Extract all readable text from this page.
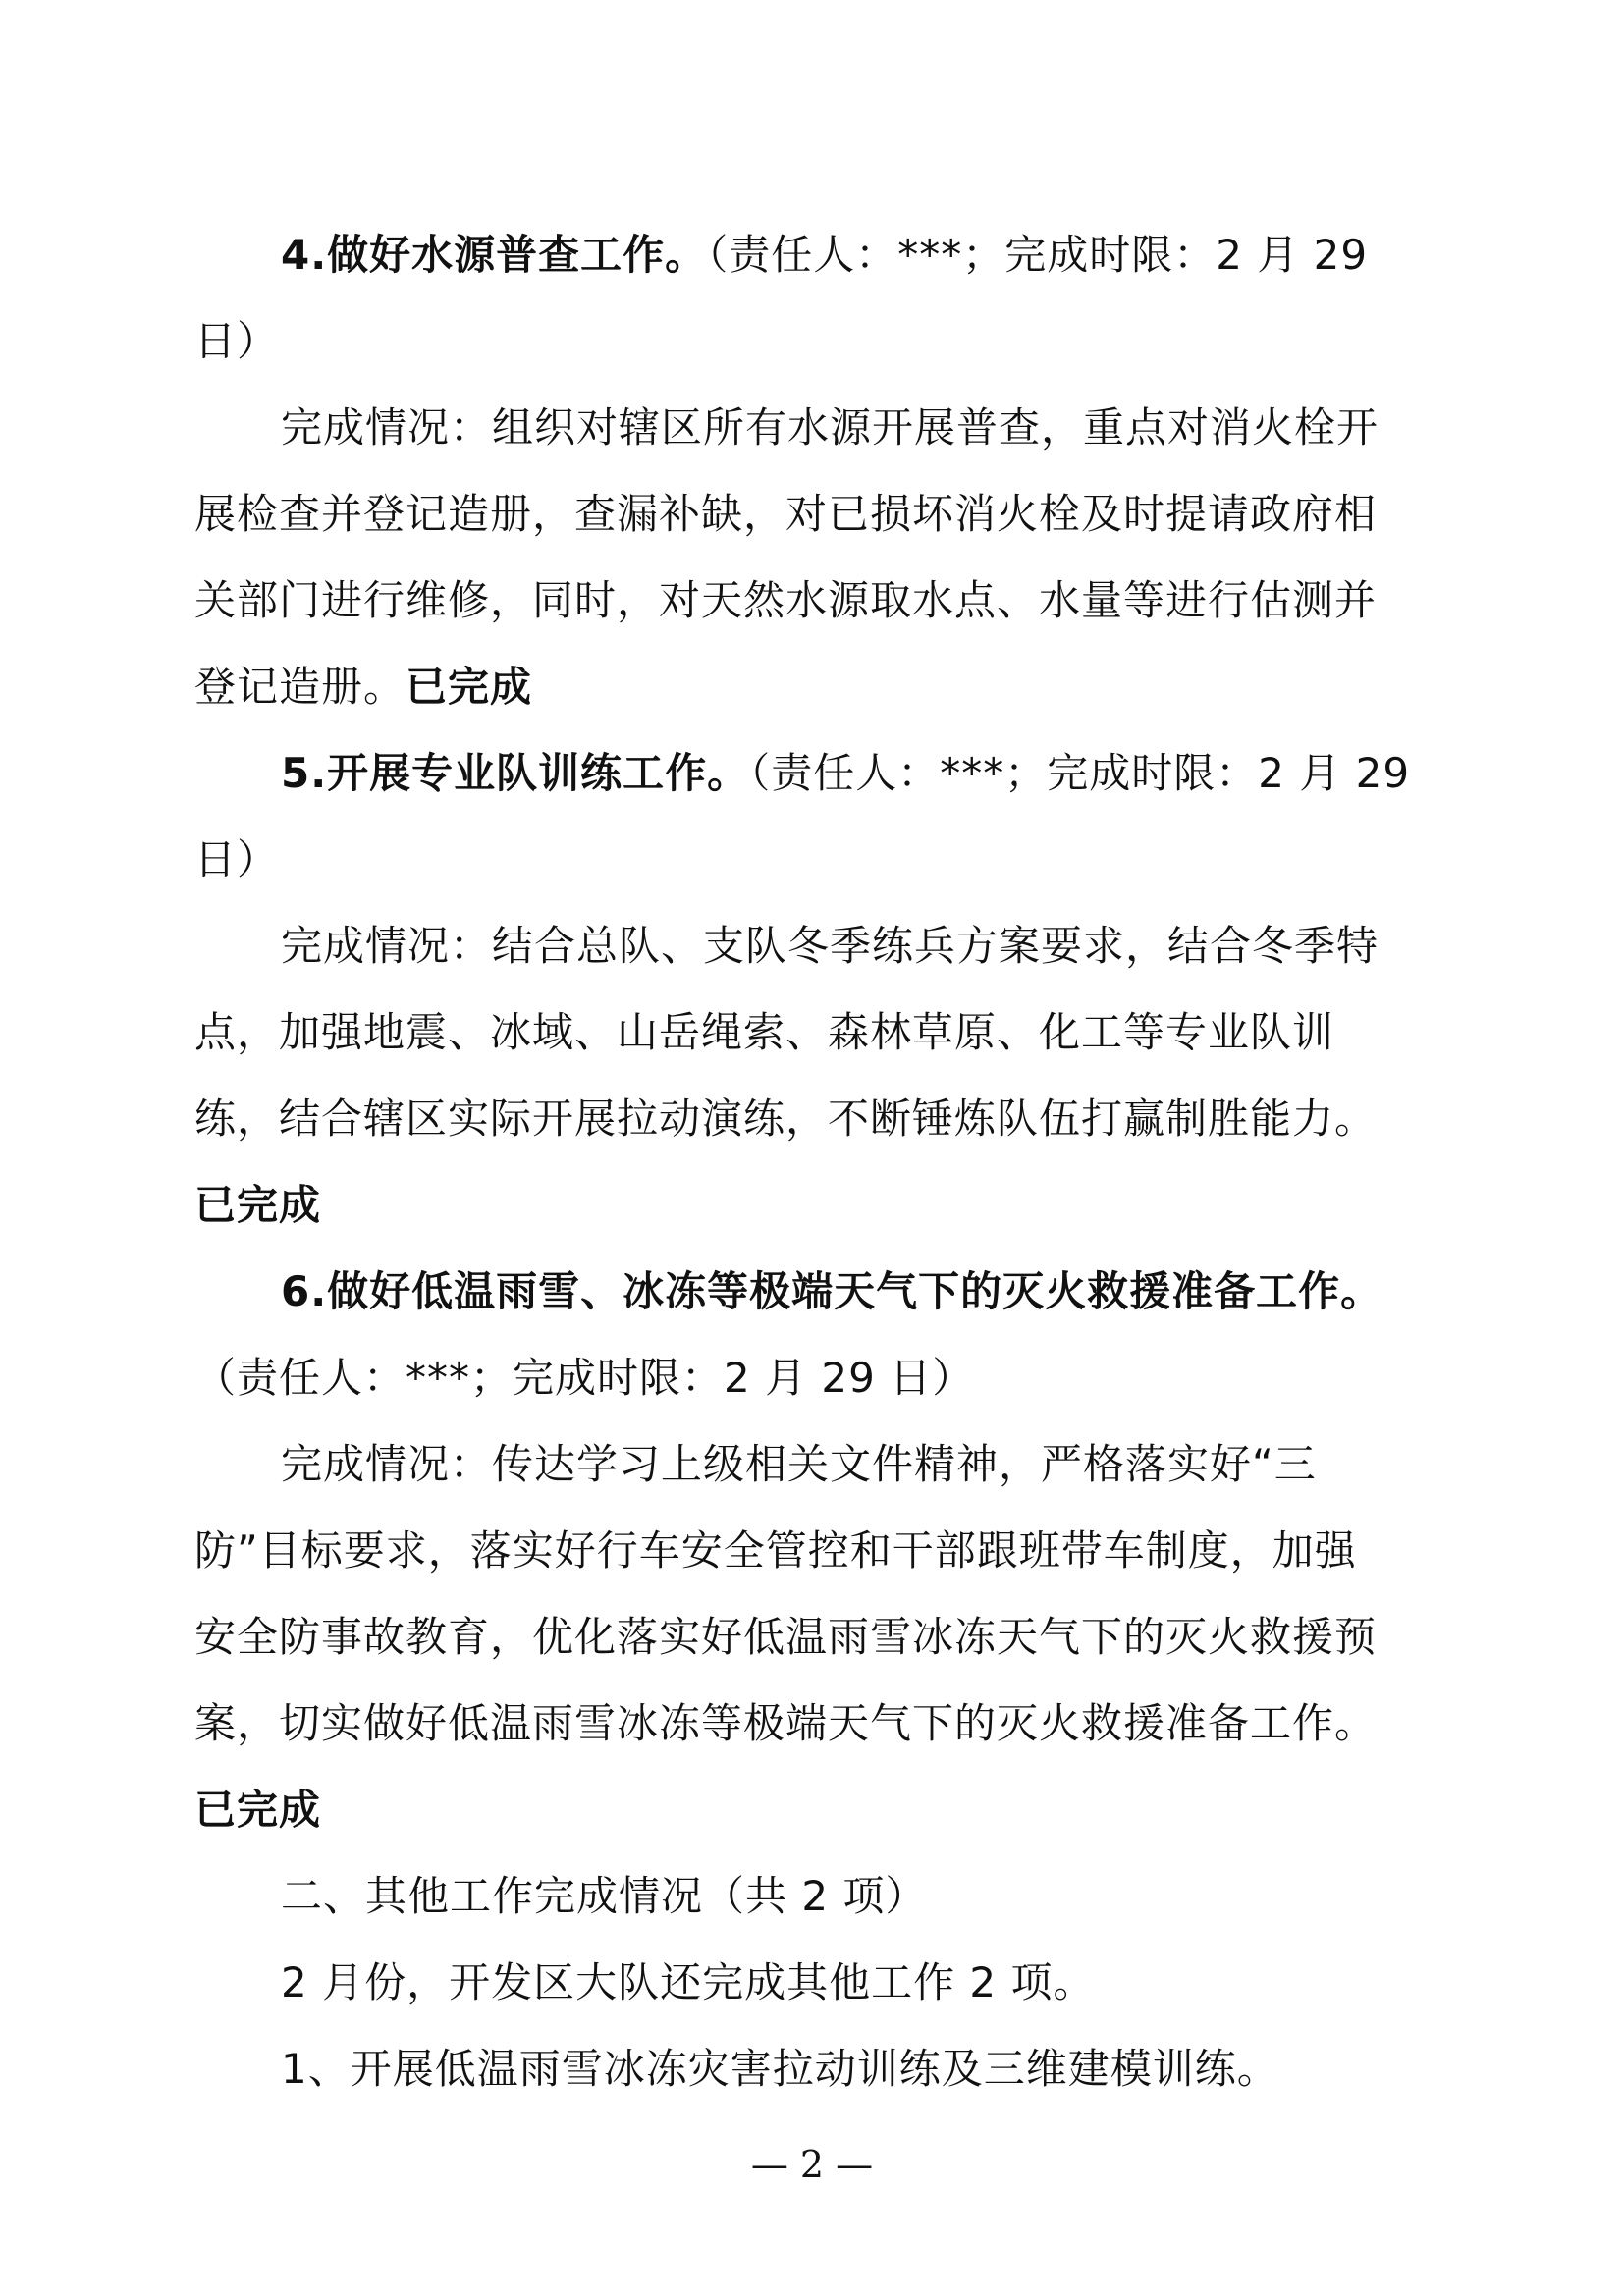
4.做好水源普查工作。（责任人：***；完成时限：2 月 29
日）
完成情况：组织对辖区所有水源开展普查，重点对消火栓开
展检查并登记造册，查漏补缺，对已损坏消火栓及时提请政府相
关部门进行维修，同时，对天然水源取水点、水量等进行估测并
登记造册。已完成
5.开展专业队训练工作。（责任人：***；完成时限：2 月 29
日）
完成情况：结合总队、支队冬季练兵方案要求，结合冬季特
点，加强地震、冰域、山岳绳索、森林草原、化工等专业队训
练，结合辖区实际开展拉动演练，不断锤炼队伍打赢制胜能力。
已完成
6.做好低温雨雪、冰冻等极端天气下的灭火救援准备工作。
（责任人：***；完成时限：2 月 29 日）
完成情况：传达学习上级相关文件精神，严格落实好“三
防”目标要求，落实好行车安全管控和干部跟班带车制度，加强
安全防事故教育，优化落实好低温雨雪冰冻天气下的灭火救援预
案，切实做好低温雨雪冰冻等极端天气下的灭火救援准备工作。
已完成
二、其他工作完成情况（共 2 项）
2 月份，开发区大队还完成其他工作 2 项。
1、开展低温雨雪冰冻灾害拉动训练及三维建模训练。
— 2 —
